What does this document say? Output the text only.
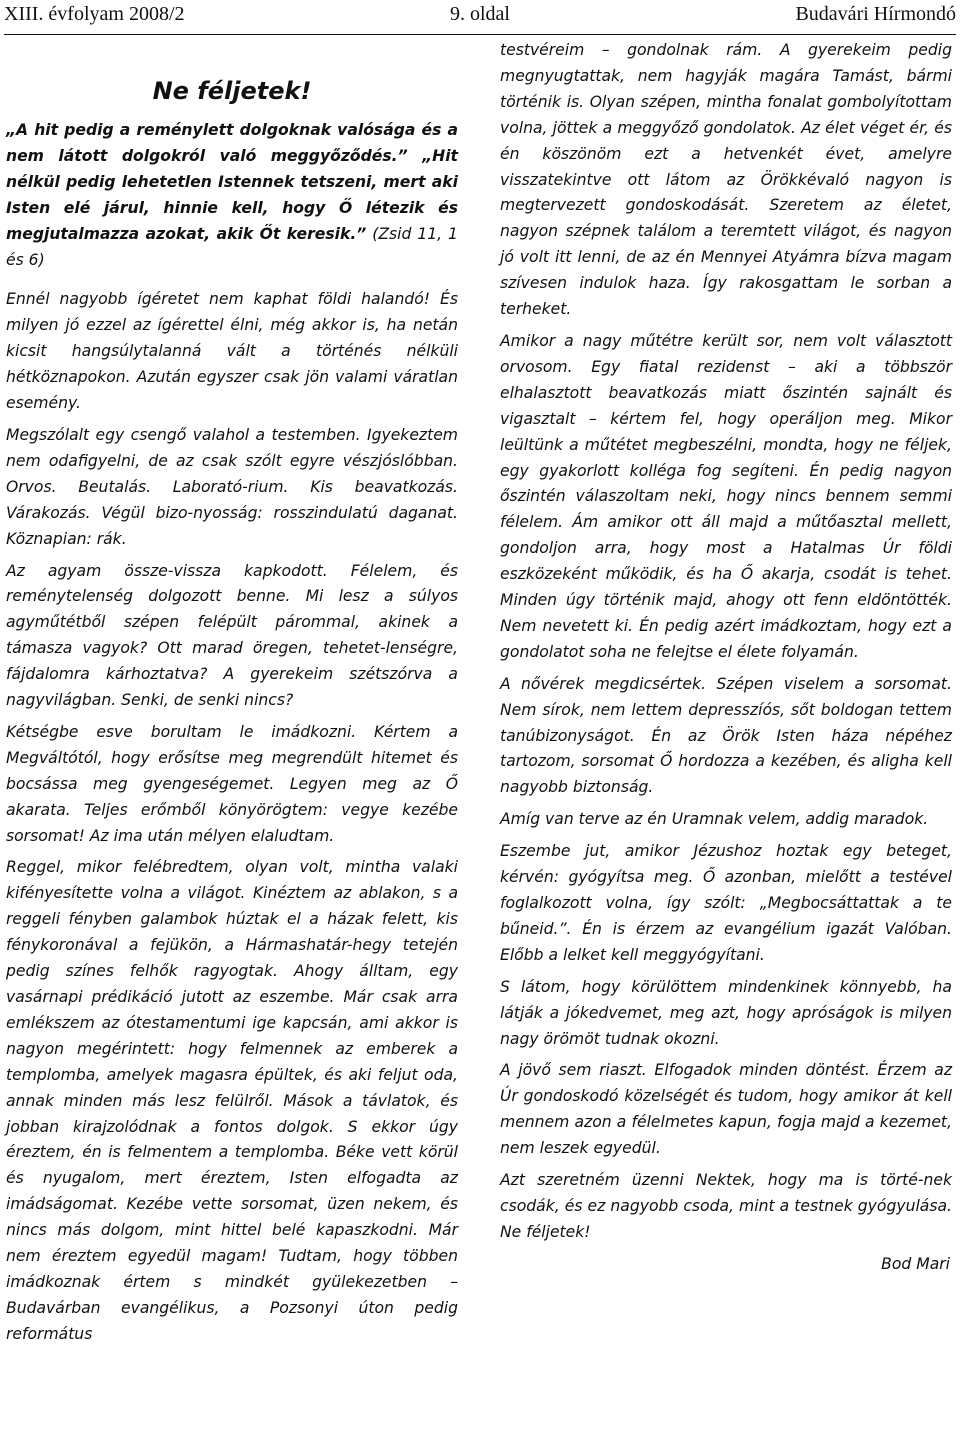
XIII. évfolyam 2008/2	9. oldal	Budavári Hírmondó
Ne féljetek!

„A hit pedig a reménylett dolgoknak valósága és a nem látott dolgokról való meggyőződés.” „Hit nélkül pedig lehetetlen Istennek tetszeni, mert aki Isten elé járul, hinnie kell, hogy Ő létezik és megjutalmazza azokat, akik Őt keresik.” (Zsid 11, 1 és 6)

Ennél nagyobb ígéretet nem kaphat földi halandó! És milyen jó ezzel az ígérettel élni, még akkor is, ha netán kicsit hangsúlytalanná vált a történés nélküli hétköznapokon. Azután egyszer csak jön valami váratlan esemény.

Megszólalt egy csengő valahol a testemben. Igyekeztem nem odafigyelni, de az csak szólt egyre vészjóslóbban. Orvos. Beutalás. Laborató-rium. Kis beavatkozás. Várakozás. Végül bizo-nyosság: rosszindulatú daganat. Köznapian: rák.

Az agyam össze-vissza kapkodott. Félelem, és reménytelenség dolgozott benne. Mi lesz a súlyos agyműtétből szépen felépült párommal, akinek a támasza vagyok? Ott marad öregen, tehetet-lenségre, fájdalomra kárhoztatva? A gyerekeim szétszórva a nagyvilágban. Senki, de senki nincs?

Kétségbe esve borultam le imádkozni. Kértem a Megváltótól, hogy erősítse meg megrendült hitemet és bocsássa meg gyengeségemet. Legyen meg az Ő akarata. Teljes erőmből könyörögtem: vegye kezébe sorsomat! Az ima után mélyen elaludtam.

Reggel, mikor felébredtem, olyan volt, mintha valaki kifényesítette volna a világot. Kinéztem az ablakon, s a reggeli fényben galambok húztak el a házak felett, kis fénykoronával a fejükön, a Hármashatár-hegy tetején pedig színes felhők ragyogtak. Ahogy álltam, egy vasárnapi prédikáció jutott az eszembe. Már csak arra emlékszem az ótestamentumi ige kapcsán, ami akkor is nagyon megérintett: hogy felmennek az emberek a templomba, amelyek magasra épültek, és aki feljut oda, annak minden más lesz felülről. Mások a távlatok, és jobban kirajzolódnak a fontos dolgok. S ekkor úgy éreztem, én is felmentem a templomba. Béke vett körül és nyugalom, mert éreztem, Isten elfogadta az imádságomat. Kezébe vette sorsomat, üzen nekem, és nincs más dolgom, mint hittel belé kapaszkodni. Már nem éreztem egyedül magam! Tudtam, hogy többen imádkoznak értem s mindkét gyülekezetben – Budavárban evangélikus, a Pozsonyi úton pedig református

testvéreim – gondolnak rám. A gyerekeim pedig megnyugtattak, nem hagyják magára Tamást, bármi történik is. Olyan szépen, mintha fonalat gombolyítottam volna, jöttek a meggyőző gondolatok. Az élet véget ér, és én köszönöm ezt a hetvenkét évet, amelyre visszatekintve ott látom az Örökkévaló nagyon is megtervezett gondoskodását. Szeretem az életet, nagyon szépnek találom a teremtett világot, és nagyon jó volt itt lenni, de az én Mennyei Atyámra bízva magam szívesen indulok haza. Így rakosgattam le sorban a terheket.

Amikor a nagy műtétre került sor, nem volt választott orvosom. Egy fiatal rezidenst – aki a többször elhalasztott beavatkozás miatt őszintén sajnált és vigasztalt – kértem fel, hogy operáljon meg. Mikor leültünk a műtétet megbeszélni, mondta, hogy ne féljek, egy gyakorlott kolléga fog segíteni. Én pedig nagyon őszintén válaszoltam neki, hogy nincs bennem semmi félelem. Ám amikor ott áll majd a műtőasztal mellett, gondoljon arra, hogy most a Hatalmas Úr földi eszközeként működik, és ha Ő akarja, csodát is tehet. Minden úgy történik majd, ahogy ott fenn eldöntötték. Nem nevetett ki. Én pedig azért imádkoztam, hogy ezt a gondolatot soha ne felejtse el élete folyamán.

A nővérek megdicsértek. Szépen viselem a sorsomat. Nem sírok, nem lettem depresszíós, sőt boldogan tettem tanúbizonyságot. Én az Örök Isten háza népéhez tartozom, sorsomat Ő hordozza a kezében, és aligha kell nagyobb biztonság.

Amíg van terve az én Uramnak velem, addig maradok.

Eszembe jut, amikor Jézushoz hoztak egy beteget, kérvén: gyógyítsa meg. Ő azonban, mielőtt a testével foglalkozott volna, így szólt: „Megbocsáttattak a te bűneid.”. Én is érzem az evangélium igazát Valóban. Előbb a lelket kell meggyógyítani.

S látom, hogy körülöttem mindenkinek könnyebb, ha látják a jókedvemet, meg azt, hogy apróságok is milyen nagy örömöt tudnak okozni.

A jövő sem riaszt. Elfogadok minden döntést. Érzem az Úr gondoskodó közelségét és tudom, hogy amikor át kell mennem azon a félelmetes kapun, fogja majd a kezemet, nem leszek egyedül.

Azt szeretném üzenni Nektek, hogy ma is törté-nek csodák, és ez nagyobb csoda, mint a testnek gyógyulása. Ne féljetek!

Bod Mari
